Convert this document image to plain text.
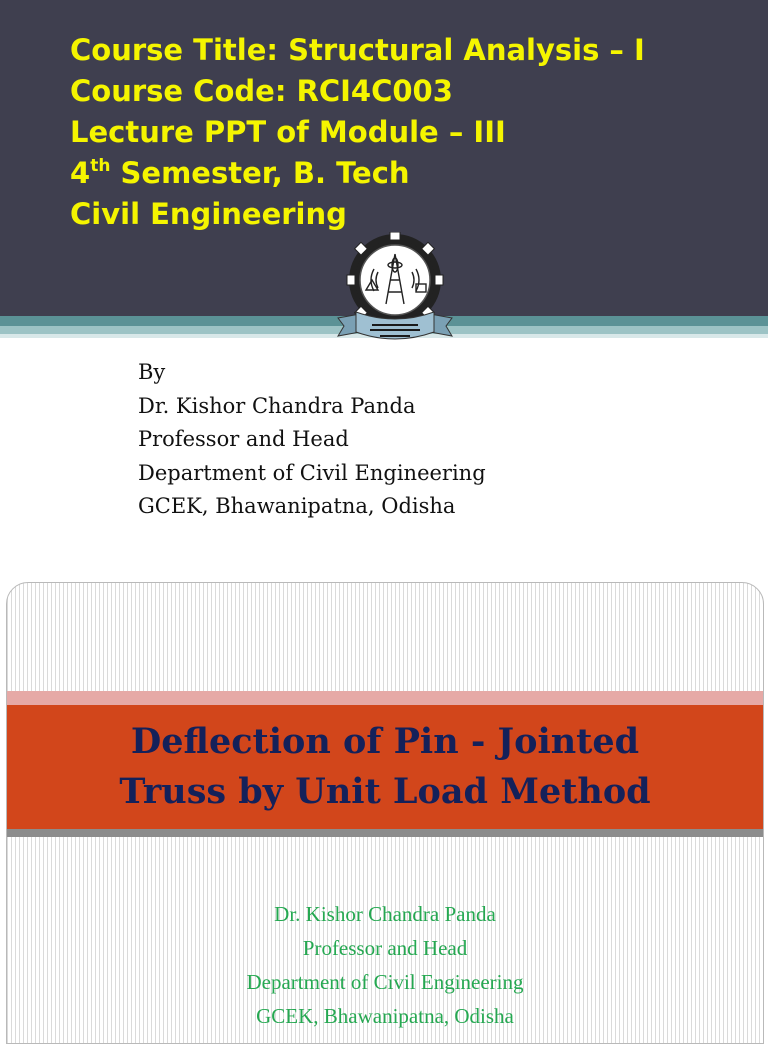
Course Title: Structural Analysis – I
Course Code: RCI4C003
Lecture PPT of Module – III
4th Semester, B. Tech
Civil Engineering
By
Dr. Kishor Chandra Panda
Professor and Head
Department of Civil Engineering
GCEK, Bhawanipatna, Odisha
Deflection of Pin - Jointed
Truss by Unit Load Method
Dr. Kishor Chandra Panda
Professor and Head
Department of Civil Engineering
GCEK, Bhawanipatna, Odisha
